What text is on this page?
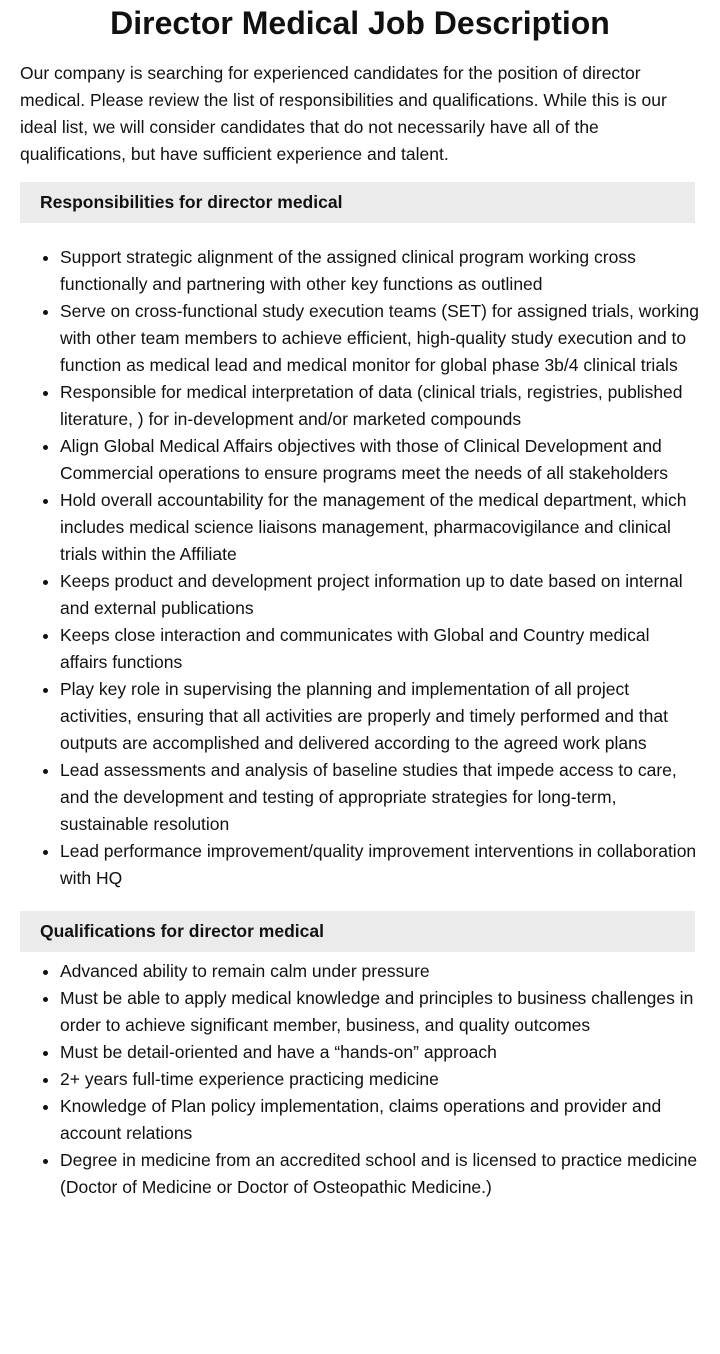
Director Medical Job Description

Our company is searching for experienced candidates for the position of director medical. Please review the list of responsibilities and qualifications. While this is our ideal list, we will consider candidates that do not necessarily have all of the qualifications, but have sufficient experience and talent.

Responsibilities for director medical
• Support strategic alignment of the assigned clinical program working cross functionally and partnering with other key functions as outlined
• Serve on cross-functional study execution teams (SET) for assigned trials, working with other team members to achieve efficient, high-quality study execution and to function as medical lead and medical monitor for global phase 3b/4 clinical trials
• Responsible for medical interpretation of data (clinical trials, registries, published literature, ) for in-development and/or marketed compounds
• Align Global Medical Affairs objectives with those of Clinical Development and Commercial operations to ensure programs meet the needs of all stakeholders
• Hold overall accountability for the management of the medical department, which includes medical science liaisons management, pharmacovigilance and clinical trials within the Affiliate
• Keeps product and development project information up to date based on internal and external publications
• Keeps close interaction and communicates with Global and Country medical affairs functions
• Play key role in supervising the planning and implementation of all project activities, ensuring that all activities are properly and timely performed and that outputs are accomplished and delivered according to the agreed work plans
• Lead assessments and analysis of baseline studies that impede access to care, and the development and testing of appropriate strategies for long-term, sustainable resolution
• Lead performance improvement/quality improvement interventions in collaboration with HQ
Qualifications for director medical
• Advanced ability to remain calm under pressure
• Must be able to apply medical knowledge and principles to business challenges in order to achieve significant member, business, and quality outcomes
• Must be detail-oriented and have a “hands-on” approach
• 2+ years full-time experience practicing medicine
• Knowledge of Plan policy implementation, claims operations and provider and account relations
• Degree in medicine from an accredited school and is licensed to practice medicine (Doctor of Medicine or Doctor of Osteopathic Medicine.)
